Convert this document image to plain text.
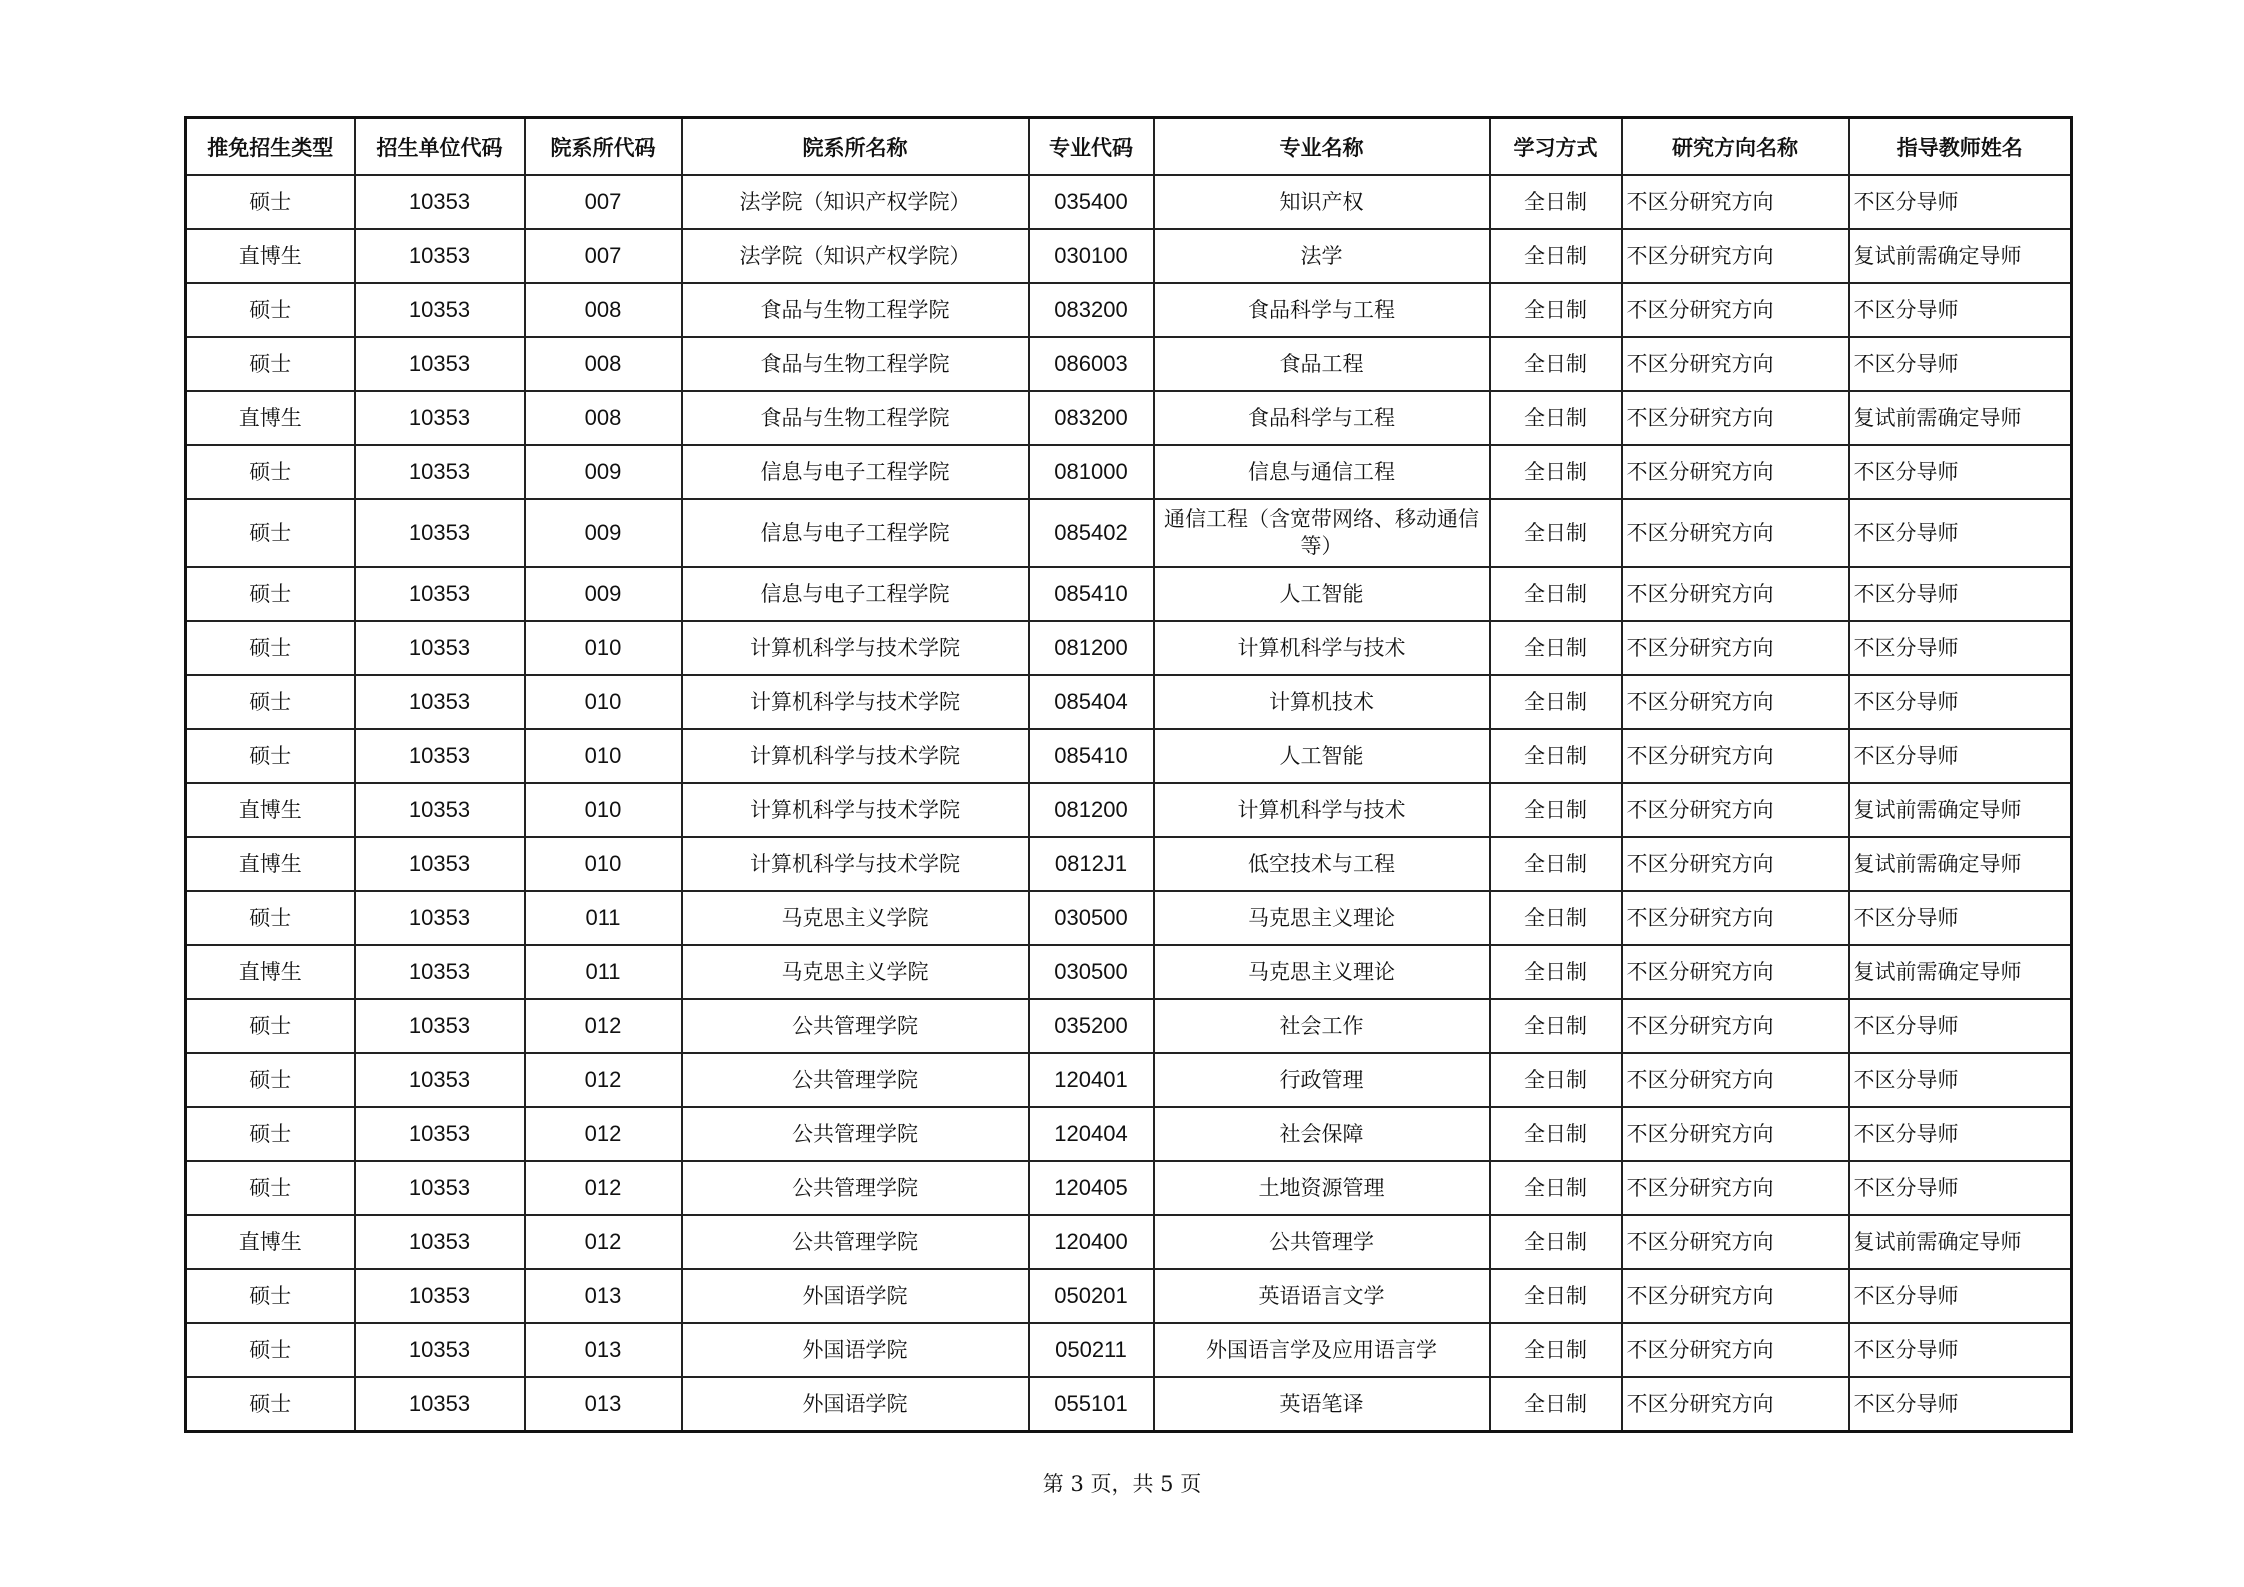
推免招生类型	招生单位代码	院系所代码	院系所名称	专业代码	专业名称	学习方式	研究方向名称	指导教师姓名
硕士	10353	007	法学院（知识产权学院）	035400	知识产权	全日制	不区分研究方向	不区分导师
直博生	10353	007	法学院（知识产权学院）	030100	法学	全日制	不区分研究方向	复试前需确定导师
硕士	10353	008	食品与生物工程学院	083200	食品科学与工程	全日制	不区分研究方向	不区分导师
硕士	10353	008	食品与生物工程学院	086003	食品工程	全日制	不区分研究方向	不区分导师
直博生	10353	008	食品与生物工程学院	083200	食品科学与工程	全日制	不区分研究方向	复试前需确定导师
硕士	10353	009	信息与电子工程学院	081000	信息与通信工程	全日制	不区分研究方向	不区分导师
硕士	10353	009	信息与电子工程学院	085402	通信工程（含宽带网络、移动通信等）	全日制	不区分研究方向	不区分导师
硕士	10353	009	信息与电子工程学院	085410	人工智能	全日制	不区分研究方向	不区分导师
硕士	10353	010	计算机科学与技术学院	081200	计算机科学与技术	全日制	不区分研究方向	不区分导师
硕士	10353	010	计算机科学与技术学院	085404	计算机技术	全日制	不区分研究方向	不区分导师
硕士	10353	010	计算机科学与技术学院	085410	人工智能	全日制	不区分研究方向	不区分导师
直博生	10353	010	计算机科学与技术学院	081200	计算机科学与技术	全日制	不区分研究方向	复试前需确定导师
直博生	10353	010	计算机科学与技术学院	0812J1	低空技术与工程	全日制	不区分研究方向	复试前需确定导师
硕士	10353	011	马克思主义学院	030500	马克思主义理论	全日制	不区分研究方向	不区分导师
直博生	10353	011	马克思主义学院	030500	马克思主义理论	全日制	不区分研究方向	复试前需确定导师
硕士	10353	012	公共管理学院	035200	社会工作	全日制	不区分研究方向	不区分导师
硕士	10353	012	公共管理学院	120401	行政管理	全日制	不区分研究方向	不区分导师
硕士	10353	012	公共管理学院	120404	社会保障	全日制	不区分研究方向	不区分导师
硕士	10353	012	公共管理学院	120405	土地资源管理	全日制	不区分研究方向	不区分导师
直博生	10353	012	公共管理学院	120400	公共管理学	全日制	不区分研究方向	复试前需确定导师
硕士	10353	013	外国语学院	050201	英语语言文学	全日制	不区分研究方向	不区分导师
硕士	10353	013	外国语学院	050211	外国语言学及应用语言学	全日制	不区分研究方向	不区分导师
硕士	10353	013	外国语学院	055101	英语笔译	全日制	不区分研究方向	不区分导师
第 3 页，共 5 页
